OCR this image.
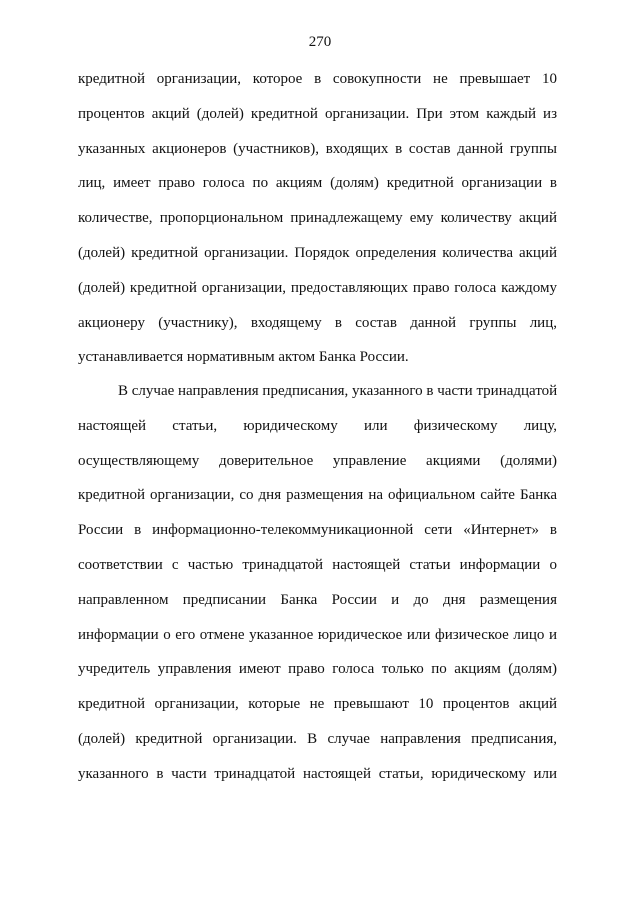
270
кредитной организации, которое в совокупности не превышает 10
процентов акций (долей) кредитной организации. При этом каждый из
указанных акционеров (участников), входящих в состав данной группы
лиц, имеет право голоса по акциям (долям) кредитной организации в
количестве, пропорциональном принадлежащему ему количеству акций
(долей) кредитной организации. Порядок определения количества акций
(долей) кредитной организации, предоставляющих право голоса каждому
акционеру (участнику), входящему в состав данной группы лиц,
устанавливается нормативным актом Банка России.
В случае направления предписания, указанного в части тринадцатой
настоящей статьи, юридическому или физическому лицу,
осуществляющему доверительное управление акциями (долями)
кредитной организации, со дня размещения на официальном сайте Банка
России в информационно-телекоммуникационной сети «Интернет» в
соответствии с частью тринадцатой настоящей статьи информации о
направленном предписании Банка России и до дня размещения
информации о его отмене указанное юридическое или физическое лицо и
учредитель управления имеют право голоса только по акциям (долям)
кредитной организации, которые не превышают 10 процентов акций
(долей) кредитной организации. В случае направления предписания,
указанного в части тринадцатой настоящей статьи, юридическому или
